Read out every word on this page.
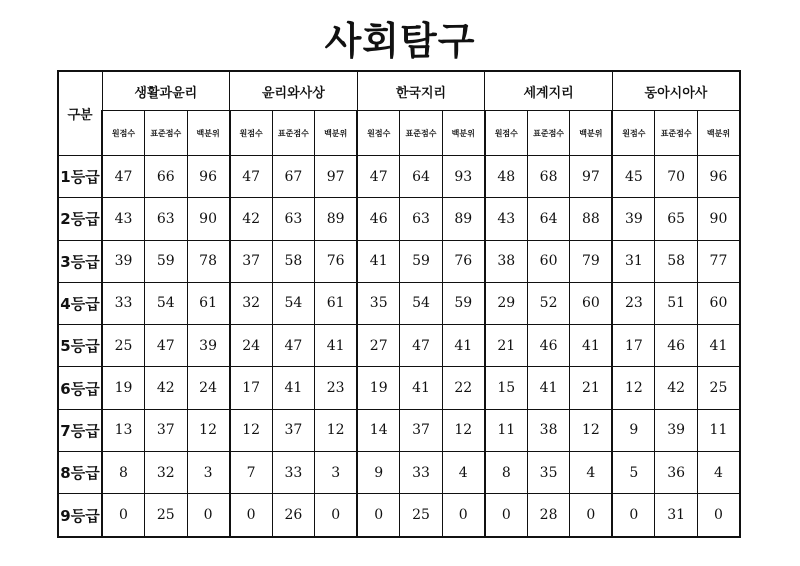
사회탐구
구분	생활과윤리			윤리와사상			한국지리			세계지리			동아시아사		
	원점수	표준점수	백분위	원점수	표준점수	백분위	원점수	표준점수	백분위	원점수	표준점수	백분위	원점수	표준점수	백분위
1등급	47	66	96	47	67	97	47	64	93	48	68	97	45	70	96
2등급	43	63	90	42	63	89	46	63	89	43	64	88	39	65	90
3등급	39	59	78	37	58	76	41	59	76	38	60	79	31	58	77
4등급	33	54	61	32	54	61	35	54	59	29	52	60	23	51	60
5등급	25	47	39	24	47	41	27	47	41	21	46	41	17	46	41
6등급	19	42	24	17	41	23	19	41	22	15	41	21	12	42	25
7등급	13	37	12	12	37	12	14	37	12	11	38	12	9	39	11
8등급	8	32	3	7	33	3	9	33	4	8	35	4	5	36	4
9등급	0	25	0	0	26	0	0	25	0	0	28	0	0	31	0
